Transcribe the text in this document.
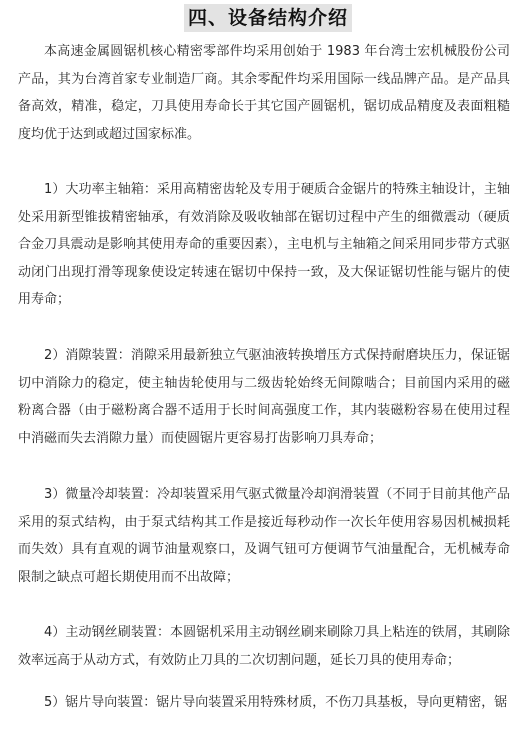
四、设备结构介绍

本高速金属圆锯机核心精密零部件均采用创始于 1983 年台湾士宏机械股份公司产品，其为台湾首家专业制造厂商。其余零配件均采用国际一线品牌产品。是产品具备高效，精准，稳定，刀具使用寿命长于其它国产圆锯机，锯切成品精度及表面粗糙度均优于达到或超过国家标准。

1）大功率主轴箱：采用高精密齿轮及专用于硬质合金锯片的特殊主轴设计，主轴处采用新型锥拔精密轴承，有效消除及吸收轴部在锯切过程中产生的细微震动（硬质合金刀具震动是影响其使用寿命的重要因素），主电机与主轴箱之间采用同步带方式驱动闭门出现打滑等现象使设定转速在锯切中保持一致，及大保证锯切性能与锯片的使用寿命；

2）消隙装置：消隙采用最新独立气驱油液转换增压方式保持耐磨块压力，保证锯切中消除力的稳定，使主轴齿轮使用与二级齿轮始终无间隙啮合；目前国内采用的磁粉离合器（由于磁粉离合器不适用于长时间高强度工作，其内装磁粉容易在使用过程中消磁而失去消隙力量）而使圆锯片更容易打齿影响刀具寿命；

3）微量冷却装置：冷却装置采用气驱式微量冷却润滑装置（不同于目前其他产品采用的泵式结构，由于泵式结构其工作是接近每秒动作一次长年使用容易因机械损耗而失效）具有直观的调节油量观察口，及调气钮可方便调节气油量配合，无机械寿命限制之缺点可超长期使用而不出故障；

4）主动钢丝刷装置：本圆锯机采用主动钢丝刷来刷除刀具上粘连的铁屑，其刷除效率远高于从动方式，有效防止刀具的二次切割问题，延长刀具的使用寿命；

5）锯片导向装置：锯片导向装置采用特殊材质，不伤刀具基板，导向更精密，锯
